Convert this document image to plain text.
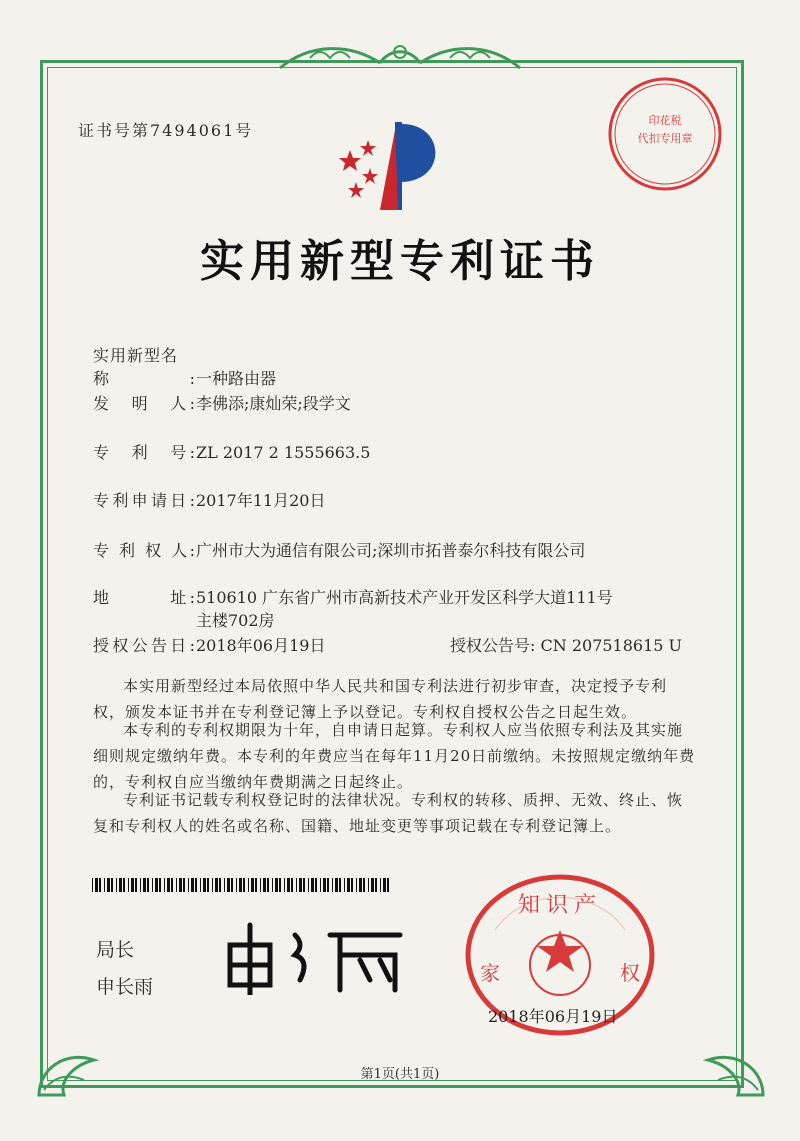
证书号第7494061号
印花税
代扣专用章
实用新型专利证书
实用新型名称:一种路由器
发　明　人:李佛添;康灿荣;段学文
专　利　号:ZL 2017 2 1555663.5
专利申请日:2017年11月20日
专 利 权 人:广州市大为通信有限公司;深圳市拓普泰尔科技有限公司
地　　　址:510610 广东省广州市高新技术产业开发区科学大道111号
主楼702房
授权公告日:2018年06月19日	授权公告号: CN 207518615 U
本实用新型经过本局依照中华人民共和国专利法进行初步审查，决定授予专利权，颁发本证书并在专利登记簿上予以登记。专利权自授权公告之日起生效。
本专利的专利权期限为十年，自申请日起算。专利权人应当依照专利法及其实施细则规定缴纳年费。本专利的年费应当在每年11月20日前缴纳。未按照规定缴纳年费的，专利权自应当缴纳年费期满之日起终止。
专利证书记载专利权登记时的法律状况。专利权的转移、质押、无效、终止、恢复和专利权人的姓名或名称、国籍、地址变更等事项记载在专利登记簿上。
局长
申长雨
知识产
家	权
2018年06月19日
第1页(共1页)
